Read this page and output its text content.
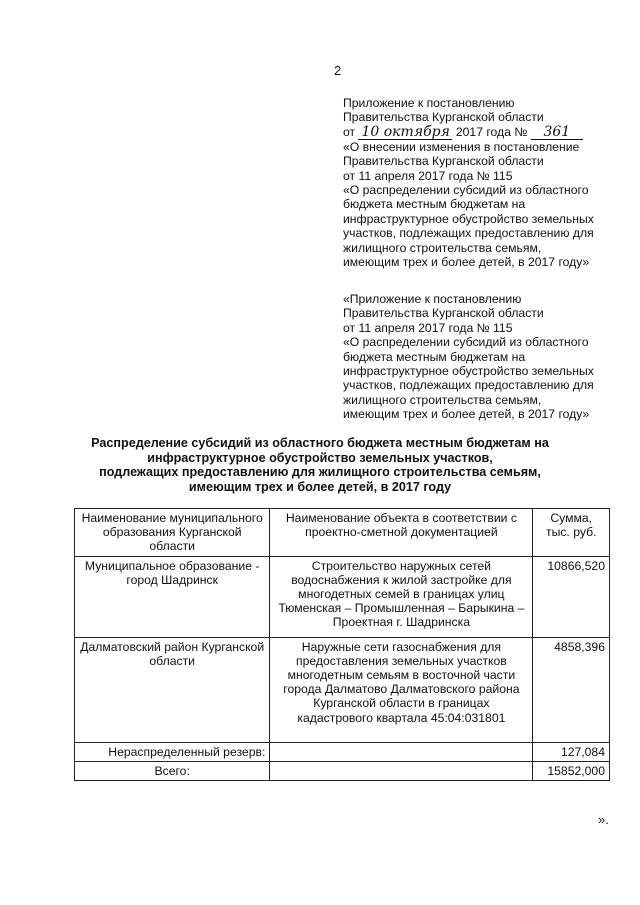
2
Приложение к постановлению
Правительства Курганской области
от 10 октября 2017 года № 361
«О внесении изменения в постановление
Правительства Курганской области
от 11 апреля 2017 года № 115
«О распределении субсидий из областного
бюджета местным бюджетам на
инфраструктурное обустройство земельных
участков, подлежащих предоставлению для
жилищного строительства семьям,
имеющим трех и более детей, в 2017 году»
«Приложение к постановлению
Правительства Курганской области
от 11 апреля 2017 года № 115
«О распределении субсидий из областного
бюджета местным бюджетам на
инфраструктурное обустройство земельных
участков, подлежащих предоставлению для
жилищного строительства семьям,
имеющим трех и более детей, в 2017 году»
Распределение субсидий из областного бюджета местным бюджетам на
инфраструктурное обустройство земельных участков,
подлежащих предоставлению для жилищного строительства семьям,
имеющим трех и более детей, в 2017 году
Наименование муниципального образования Курганской области	Наименование объекта в соответствии с проектно-сметной документацией	Сумма, тыс. руб.
Муниципальное образование - город Шадринск	Строительство наружных сетей водоснабжения к жилой застройке для многодетных семей в границах улиц Тюменская – Промышленная – Барыкина – Проектная г. Шадринска	10866,520
Далматовский район Курганской области	Наружные сети газоснабжения для предоставления земельных участков многодетным семьям в восточной части города Далматово Далматовского района Курганской области в границах кадастрового квартала 45:04:031801	4858,396
Нераспределенный резерв:		127,084
Всего:		15852,000
».
